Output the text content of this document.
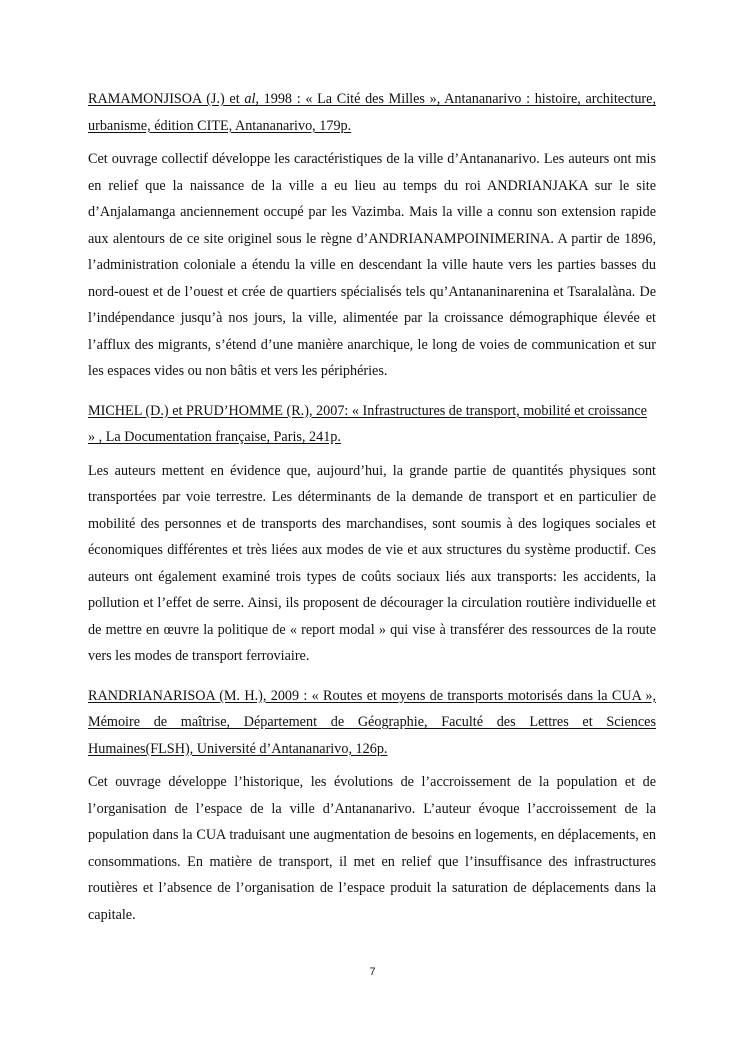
RAMAMONJISOA (J.) et al, 1998 : « La Cité des Milles », Antananarivo : histoire, architecture, urbanisme, édition CITE, Antananarivo, 179p.

Cet ouvrage collectif développe les caractéristiques de la ville d’Antananarivo. Les auteurs ont mis en relief que la naissance de la ville a eu lieu au temps du roi ANDRIANJAKA sur le site d’Anjalamanga anciennement occupé par les Vazimba. Mais la ville a connu son extension rapide aux alentours de ce site originel sous le règne d’ANDRIANAMPOINIMERINA. A partir de 1896, l’administration coloniale a étendu la ville en descendant la ville haute vers les parties basses du nord-ouest et de l’ouest et crée de quartiers spécialisés tels qu’Antananinarenina et Tsaralalàna. De l’indépendance jusqu’à nos jours, la ville, alimentée par la croissance démographique élevée et l’afflux des migrants, s’étend d’une manière anarchique, le long de voies de communication et sur les espaces vides ou non bâtis et vers les périphéries.

MICHEL (D.) et PRUD’HOMME (R.), 2007: « Infrastructures de transport, mobilité et croissance » , La Documentation française, Paris, 241p.

Les auteurs mettent en évidence que, aujourd’hui, la grande partie de quantités physiques sont transportées par voie terrestre. Les déterminants de la demande de transport et en particulier de mobilité des personnes et de transports des marchandises, sont soumis à des logiques sociales et économiques différentes et très liées aux modes de vie et aux structures du système productif. Ces auteurs ont également examiné trois types de coûts sociaux liés aux transports: les accidents, la pollution et l’effet de serre. Ainsi, ils proposent de décourager la circulation routière individuelle et de mettre en œuvre la politique de « report modal » qui vise à transférer des ressources de la route vers les modes de transport ferroviaire.

RANDRIANARISOA (M. H.), 2009 : « Routes et moyens de transports motorisés dans la CUA », Mémoire de maîtrise, Département de Géographie, Faculté des Lettres et Sciences Humaines(FLSH), Université d’Antananarivo, 126p.

Cet ouvrage développe l’historique, les évolutions de l’accroissement de la population et de l’organisation de l’espace de la ville d’Antananarivo. L’auteur évoque l’accroissement de la population dans la CUA traduisant une augmentation de besoins en logements, en déplacements, en consommations. En matière de transport, il met en relief que l’insuffisance des infrastructures routières et l’absence de l’organisation de l’espace produit la saturation de déplacements dans la capitale.

7
